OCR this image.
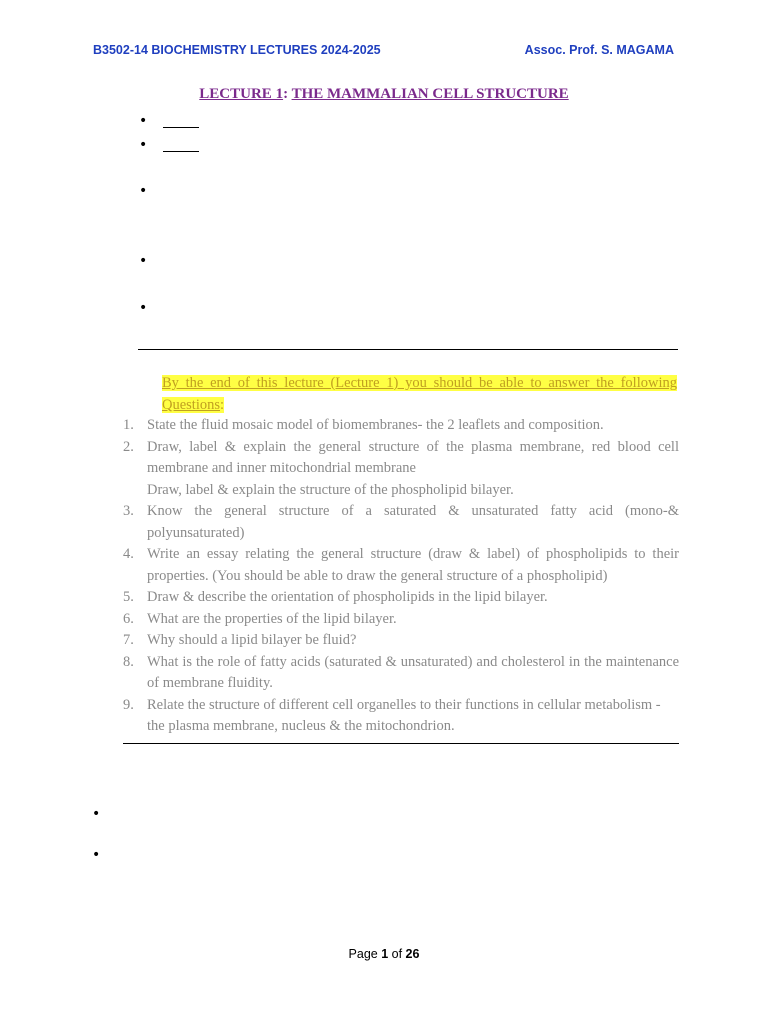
B3502-14 BIOCHEMISTRY LECTURES 2024-2025	Assoc. Prof. S. MAGAMA
LECTURE 1: THE MAMMALIAN CELL STRUCTURE
•
•
•
•
•
By the end of this lecture (Lecture 1) you should be able to answer the following
Questions:
1. State the fluid mosaic model of biomembranes- the 2 leaflets and composition.
2. Draw, label & explain the general structure of the plasma membrane, red blood cell membrane and inner mitochondrial membrane
Draw, label & explain the structure of the phospholipid bilayer.
3. Know the general structure of a saturated & unsaturated fatty acid (mono-& polyunsaturated)
4. Write an essay relating the general structure (draw & label) of phospholipids to their properties. (You should be able to draw the general structure of a phospholipid)
5. Draw & describe the orientation of phospholipids in the lipid bilayer.
6. What are the properties of the lipid bilayer.
7. Why should a lipid bilayer be fluid?
8. What is the role of fatty acids (saturated & unsaturated) and cholesterol in the maintenance of membrane fluidity.
9. Relate the structure of different cell organelles to their functions in cellular metabolism - the plasma membrane, nucleus & the mitochondrion.
•
•
Page 1 of 26
